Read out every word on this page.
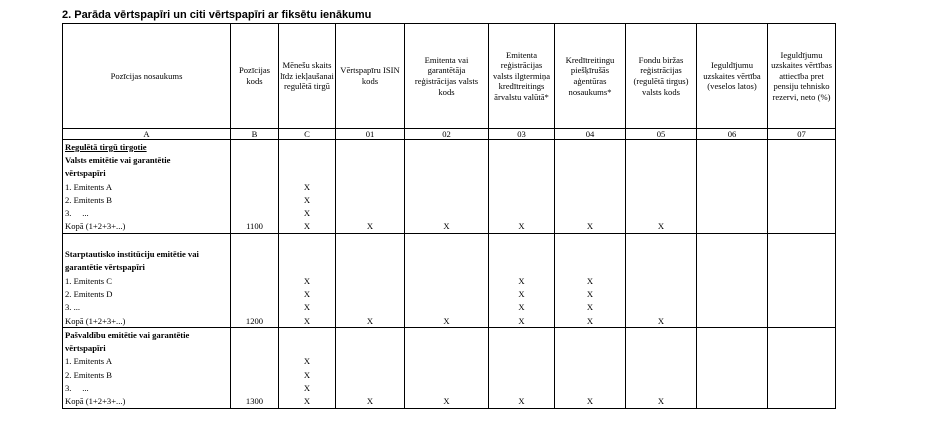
2. Parāda vērtspapīri un citi vērtspapīri ar fiksētu ienākumu
Pozīcijas nosaukums	Pozīcijas kods	Mēnešu skaits līdz iekļaušanai regulētā tirgū	Vērtspapīru ISIN kods	Emitenta vai garantētāja reģistrācijas valsts kods	Emitenta reģistrācijas valsts ilgtermiņa kredītreitings ārvalstu valūtā*	Kredītreitingu piešķīrušās aģentūras nosaukums*	Fondu biržas reģistrācijas (regulētā tirgus) valsts kods	Ieguldījumu uzskaites vērtība (veselos latos)	Ieguldījumu uzskaites vērtības attiecība pret pensiju tehnisko rezervi, neto (%)
A	B	C	01	02	03	04	05	06	07
Regulētā tirgū tirgotie									
Valsts emitētie vai garantētie									
vērtspapīri									
1. Emitents A		X							
2. Emitents B		X							
3.     ...		X							
Kopā (1+2+3+...)	1100	X	X	X	X	X	X		

Starptautisko institūciju emitētie vai									
garantētie vērtspapīri									
1. Emitents C		X			X	X			
2. Emitents D		X			X	X			
3. ...		X			X	X			
Kopā (1+2+3+...)	1200	X	X	X	X	X	X		
Pašvaldību emitētie vai garantētie									
vērtspapīri									
1. Emitents A		X							
2. Emitents B		X							
3.     ...		X							
Kopā (1+2+3+...)	1300	X	X	X	X	X	X		
